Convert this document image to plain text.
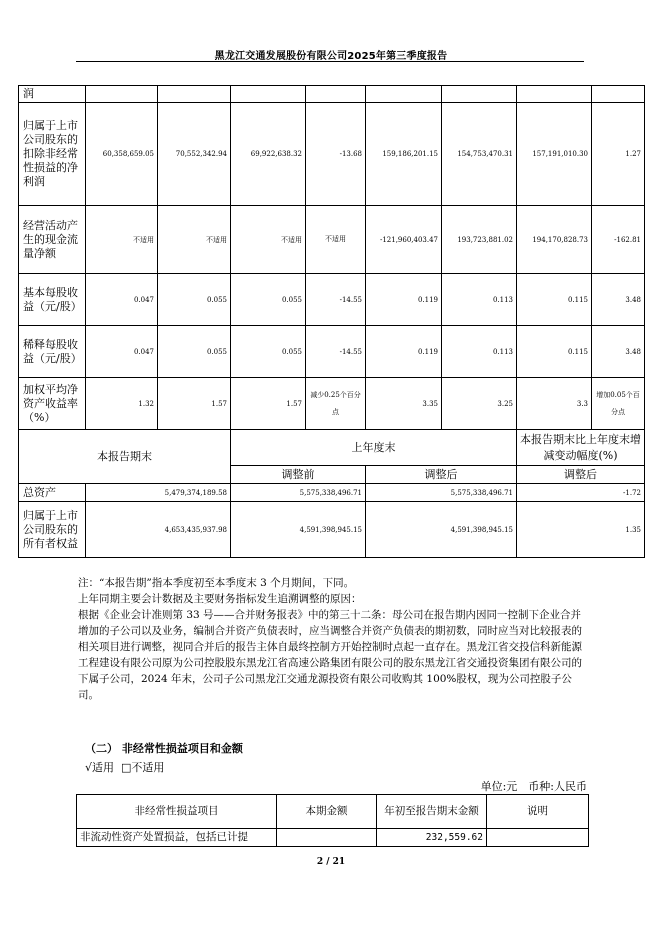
黑龙江交通发展股份有限公司2025年第三季度报告
润								
归属于上市公司股东的扣除非经常性损益的净利润	60,358,659.05	70,552,342.94	69,922,638.32	-13.68	159,186,201.15	154,753,470.31	157,191,010.30	1.27
经营活动产生的现金流量净额	不适用	不适用	不适用	不适用	-121,960,403.47	193,723,881.02	194,170,828.73	-162.81
基本每股收益（元/股）	0.047	0.055	0.055	-14.55	0.119	0.113	0.115	3.48
稀释每股收益（元/股）	0.047	0.055	0.055	-14.55	0.119	0.113	0.115	3.48
加权平均净资产收益率（%）	1.32	1.57	1.57	减少0.25个百分点	3.35	3.25	3.3	增加0.05个百分点
本报告期末			上年度末				本报告期末比上年度末增减变动幅度(%)	
			调整前		调整后		调整后	
总资产	5,479,374,189.58		5,575,338,496.71		5,575,338,496.71		-1.72	
归属于上市公司股东的所有者权益	4,653,435,937.98		4,591,398,945.15		4,591,398,945.15		1.35	

注：“本报告期”指本季度初至本季度末 3 个月期间，下同。

上年同期主要会计数据及主要财务指标发生追溯调整的原因：

根据《企业会计准则第 33 号——合并财务报表》中的第三十二条：母公司在报告期内因同一控制下企业合并增加的子公司以及业务，编制合并资产负债表时，应当调整合并资产负债表的期初数，同时应当对比较报表的相关项目进行调整，视同合并后的报告主体自最终控制方开始控制时点起一直存在。黑龙江省交投信科新能源工程建设有限公司原为公司控股股东黑龙江省高速公路集团有限公司的股东黑龙江省交通投资集团有限公司的下属子公司，2024 年末，公司子公司黑龙江交通龙源投资有限公司收购其 100%股权，现为公司控股子公司。

（二） 非经常性损益项目和金额
√适用 □不适用
单位:元　币种:人民币
非经常性损益项目	本期金额	年初至报告期末金额	说明
非流动性资产处置损益，包括已计提		232,559.62	
2 / 21
